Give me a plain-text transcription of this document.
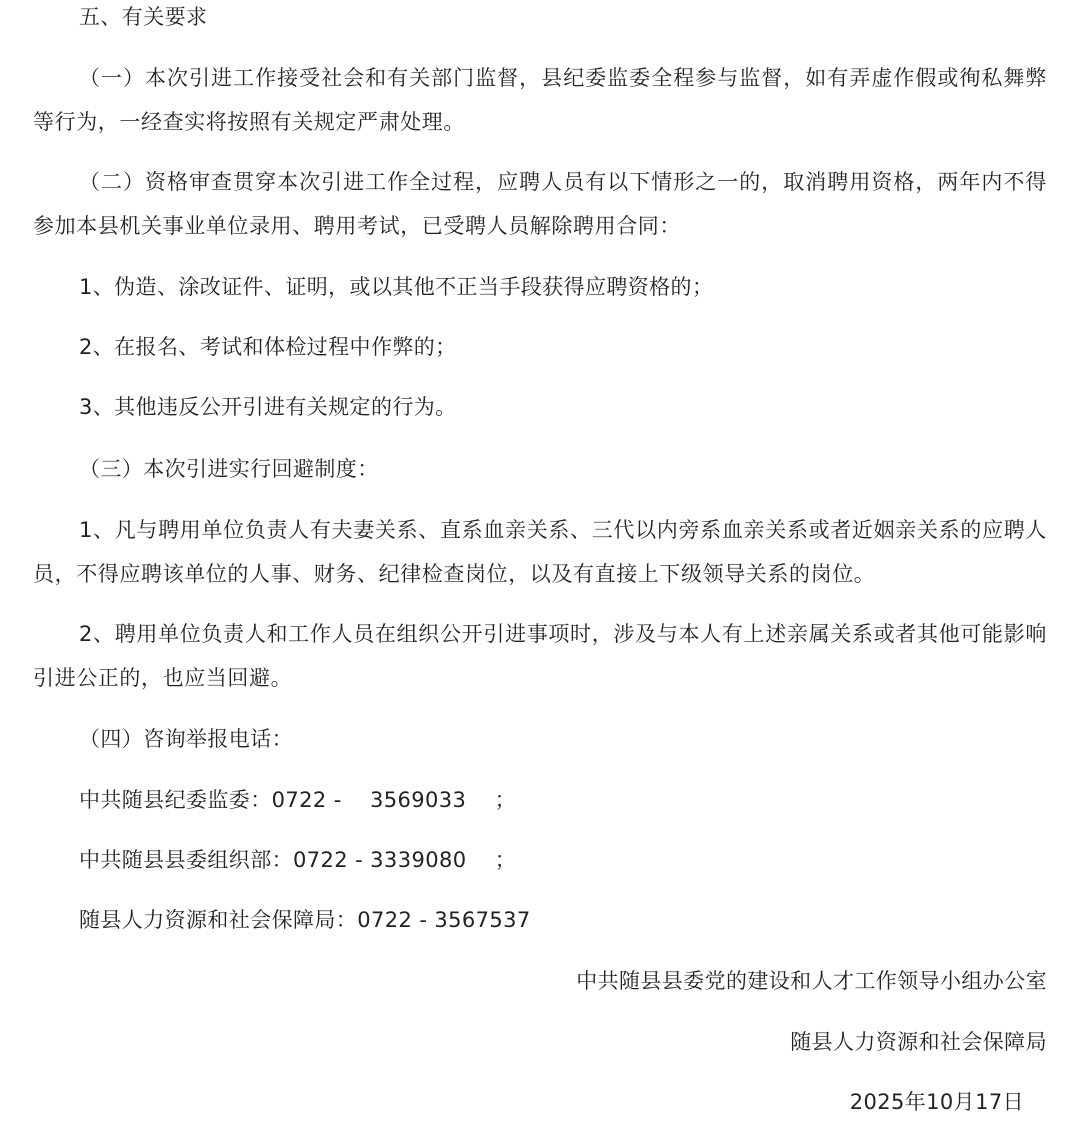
五、有关要求
（一）本次引进工作接受社会和有关部门监督，县纪委监委全程参与监督，如有弄虚作假或徇私舞弊等行为，一经查实将按照有关规定严肃处理。
（二）资格审查贯穿本次引进工作全过程，应聘人员有以下情形之一的，取消聘用资格，两年内不得参加本县机关事业单位录用、聘用考试，已受聘人员解除聘用合同：
1、伪造、涂改证件、证明，或以其他不正当手段获得应聘资格的；
2、在报名、考试和体检过程中作弊的；
3、其他违反公开引进有关规定的行为。
（三）本次引进实行回避制度：
1、凡与聘用单位负责人有夫妻关系、直系血亲关系、三代以内旁系血亲关系或者近姻亲关系的应聘人员，不得应聘该单位的人事、财务、纪律检查岗位，以及有直接上下级领导关系的岗位。
2、聘用单位负责人和工作人员在组织公开引进事项时，涉及与本人有上述亲属关系或者其他可能影响引进公正的，也应当回避。
（四）咨询举报电话：
中共随县纪委监委：0722 -    3569033    ；
中共随县县委组织部：0722 - 3339080    ；
随县人力资源和社会保障局：0722 - 3567537
中共随县县委党的建设和人才工作领导小组办公室
随县人力资源和社会保障局
2025年10月17日
